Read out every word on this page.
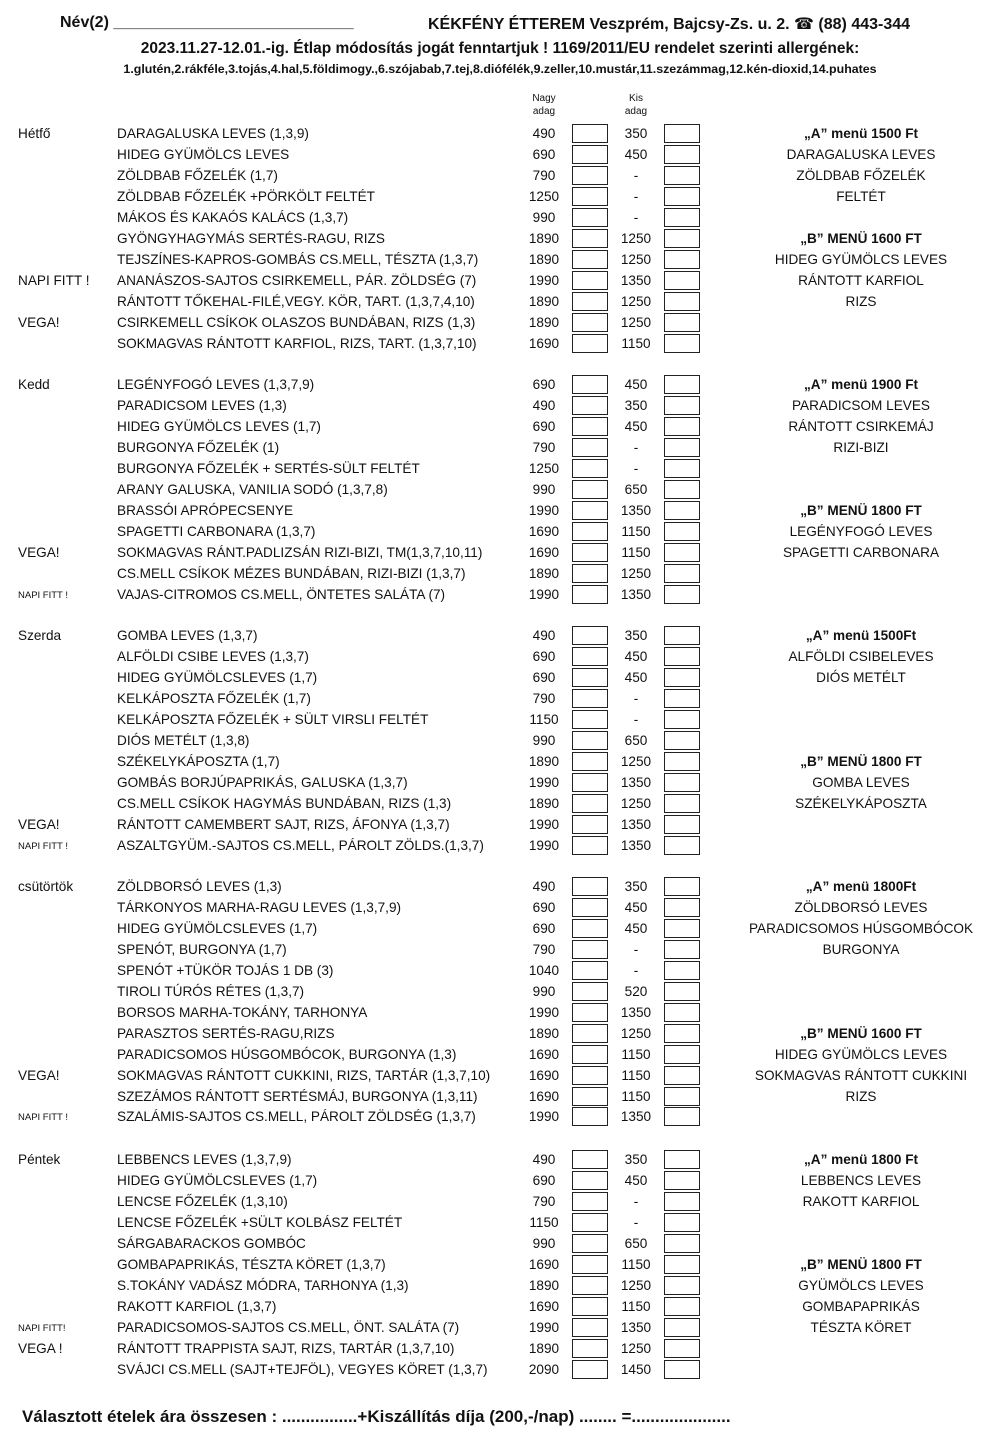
Név(2) ___________________________	KÉKFÉNY ÉTTEREM Veszprém, Bajcsy-Zs. u. 2. ☎ (88) 443-344
2023.11.27-12.01.-ig. Étlap módosítás jogát fenntartjuk ! 1169/2011/EU rendelet szerinti allergének:
1.glutén,2.rákféle,3.tojás,4.hal,5.földimogy.,6.szójabab,7.tej,8.diófélék,9.zeller,10.mustár,11.szezámmag,12.kén-dioxid,14.puhates
Nagy
adag
Kis
adag
Hétfő	DARAGALUSKA LEVES (1,3,9)	490	350	„A” menü 1500 Ft
HIDEG GYÜMÖLCS LEVES	690	450	DARAGALUSKA LEVES
ZÖLDBAB FŐZELÉK (1,7)	790	-	ZÖLDBAB FŐZELÉK
ZÖLDBAB FŐZELÉK +PÖRKÖLT FELTÉT	1250	-	FELTÉT
MÁKOS ÉS KAKAÓS KALÁCS (1,3,7)	990	-
GYÖNGYHAGYMÁS SERTÉS-RAGU, RIZS	1890	1250	„B” MENÜ 1600 FT
TEJSZÍNES-KAPROS-GOMBÁS CS.MELL, TÉSZTA (1,3,7)	1890	1250	HIDEG GYÜMÖLCS LEVES
NAPI FITT ! ANANÁSZOS-SAJTOS CSIRKEMELL, PÁR. ZÖLDSÉG (7)	1990	1350	RÁNTOTT KARFIOL
RÁNTOTT TŐKEHAL-FILÉ,VEGY. KÖR, TART. (1,3,7,4,10)	1890	1250	RIZS
VEGA!	CSIRKEMELL CSÍKOK OLASZOS BUNDÁBAN, RIZS (1,3)	1890	1250
SOKMAGVAS RÁNTOTT KARFIOL, RIZS, TART. (1,3,7,10)	1690	1150
Kedd	LEGÉNYFOGÓ LEVES (1,3,7,9)	690	450	„A” menü 1900 Ft
PARADICSOM LEVES (1,3)	490	350	PARADICSOM LEVES
HIDEG GYÜMÖLCS LEVES (1,7)	690	450	RÁNTOTT CSIRKEMÁJ
BURGONYA FŐZELÉK (1)	790	-	RIZI-BIZI
BURGONYA FŐZELÉK + SERTÉS-SÜLT FELTÉT	1250	-
ARANY GALUSKA, VANILIA SODÓ (1,3,7,8)	990	650
BRASSÓI APRÓPECSENYE	1990	1350	„B” MENÜ 1800 FT
SPAGETTI CARBONARA (1,3,7)	1690	1150	LEGÉNYFOGÓ LEVES
VEGA!	SOKMAGVAS RÁNT.PADLIZSÁN RIZI-BIZI, TM(1,3,7,10,11)	1690	1150	SPAGETTI CARBONARA
CS.MELL CSÍKOK MÉZES BUNDÁBAN, RIZI-BIZI (1,3,7)	1890	1250
NAPI FITT !	VAJAS-CITROMOS CS.MELL, ÖNTETES SALÁTA (7)	1990	1350
Szerda	GOMBA LEVES (1,3,7)	490	350	„A” menü 1500Ft
ALFÖLDI CSIBE LEVES (1,3,7)	690	450	ALFÖLDI CSIBELEVES
HIDEG GYÜMÖLCSLEVES (1,7)	690	450	DIÓS METÉLT
KELKÁPOSZTA FŐZELÉK (1,7)	790	-
KELKÁPOSZTA FŐZELÉK + SÜLT VIRSLI FELTÉT	1150	-
DIÓS METÉLT (1,3,8)	990	650
SZÉKELYKÁPOSZTA (1,7)	1890	1250	„B” MENÜ 1800 FT
GOMBÁS BORJÚPAPRIKÁS, GALUSKA (1,3,7)	1990	1350	GOMBA LEVES
CS.MELL CSÍKOK HAGYMÁS BUNDÁBAN, RIZS (1,3)	1890	1250	SZÉKELYKÁPOSZTA
VEGA!	RÁNTOTT CAMEMBERT SAJT, RIZS, ÁFONYA (1,3,7)	1990	1350
NAPI FITT !	ASZALTGYÜM.-SAJTOS CS.MELL, PÁROLT ZÖLDS.(1,3,7)	1990	1350
csütörtök	ZÖLDBORSÓ LEVES (1,3)	490	350	„A” menü 1800Ft
TÁRKONYOS MARHA-RAGU LEVES (1,3,7,9)	690	450	ZÖLDBORSÓ LEVES
HIDEG GYÜMÖLCSLEVES (1,7)	690	450	PARADICSOMOS HÚSGOMBÓCOK
SPENÓT, BURGONYA (1,7)	790	-	BURGONYA
SPENÓT +TÜKÖR TOJÁS 1 DB (3)	1040	-
TIROLI TÚRÓS RÉTES (1,3,7)	990	520
BORSOS MARHA-TOKÁNY, TARHONYA	1990	1350
PARASZTOS SERTÉS-RAGU,RIZS	1890	1250	„B” MENÜ 1600 FT
PARADICSOMOS HÚSGOMBÓCOK, BURGONYA (1,3)	1690	1150	HIDEG GYÜMÖLCS LEVES
VEGA!	SOKMAGVAS RÁNTOTT CUKKINI, RIZS, TARTÁR (1,3,7,10)	1690	1150	SOKMAGVAS RÁNTOTT CUKKINI
SZEZÁMOS RÁNTOTT SERTÉSMÁJ, BURGONYA (1,3,11)	1690	1150	RIZS
NAPI FITT !	SZALÁMIS-SAJTOS CS.MELL, PÁROLT ZÖLDSÉG (1,3,7)	1990	1350
Péntek	LEBBENCS LEVES (1,3,7,9)	490	350	„A” menü 1800 Ft
HIDEG GYÜMÖLCSLEVES (1,7)	690	450	LEBBENCS LEVES
LENCSE FŐZELÉK (1,3,10)	790	-	RAKOTT KARFIOL
LENCSE FŐZELÉK +SÜLT KOLBÁSZ FELTÉT	1150	-
SÁRGABARACKOS GOMBÓC	990	650
GOMBAPAPRIKÁS, TÉSZTA KÖRET (1,3,7)	1690	1150	„B” MENÜ 1800 FT
S.TOKÁNY VADÁSZ MÓDRA, TARHONYA (1,3)	1890	1250	GYÜMÖLCS LEVES
RAKOTT KARFIOL (1,3,7)	1690	1150	GOMBAPAPRIKÁS
NAPI FITT!	PARADICSOMOS-SAJTOS CS.MELL, ÖNT. SALÁTA (7)	1990	1350	TÉSZTA KÖRET
VEGA !	RÁNTOTT TRAPPISTA SAJT, RIZS, TARTÁR (1,3,7,10)	1890	1250
SVÁJCI CS.MELL (SAJT+TEJFÖL), VEGYES KÖRET (1,3,7)	2090	1450
Választott ételek ára összesen : ................+Kiszállítás díja (200,-/nap) ........ =.....................
